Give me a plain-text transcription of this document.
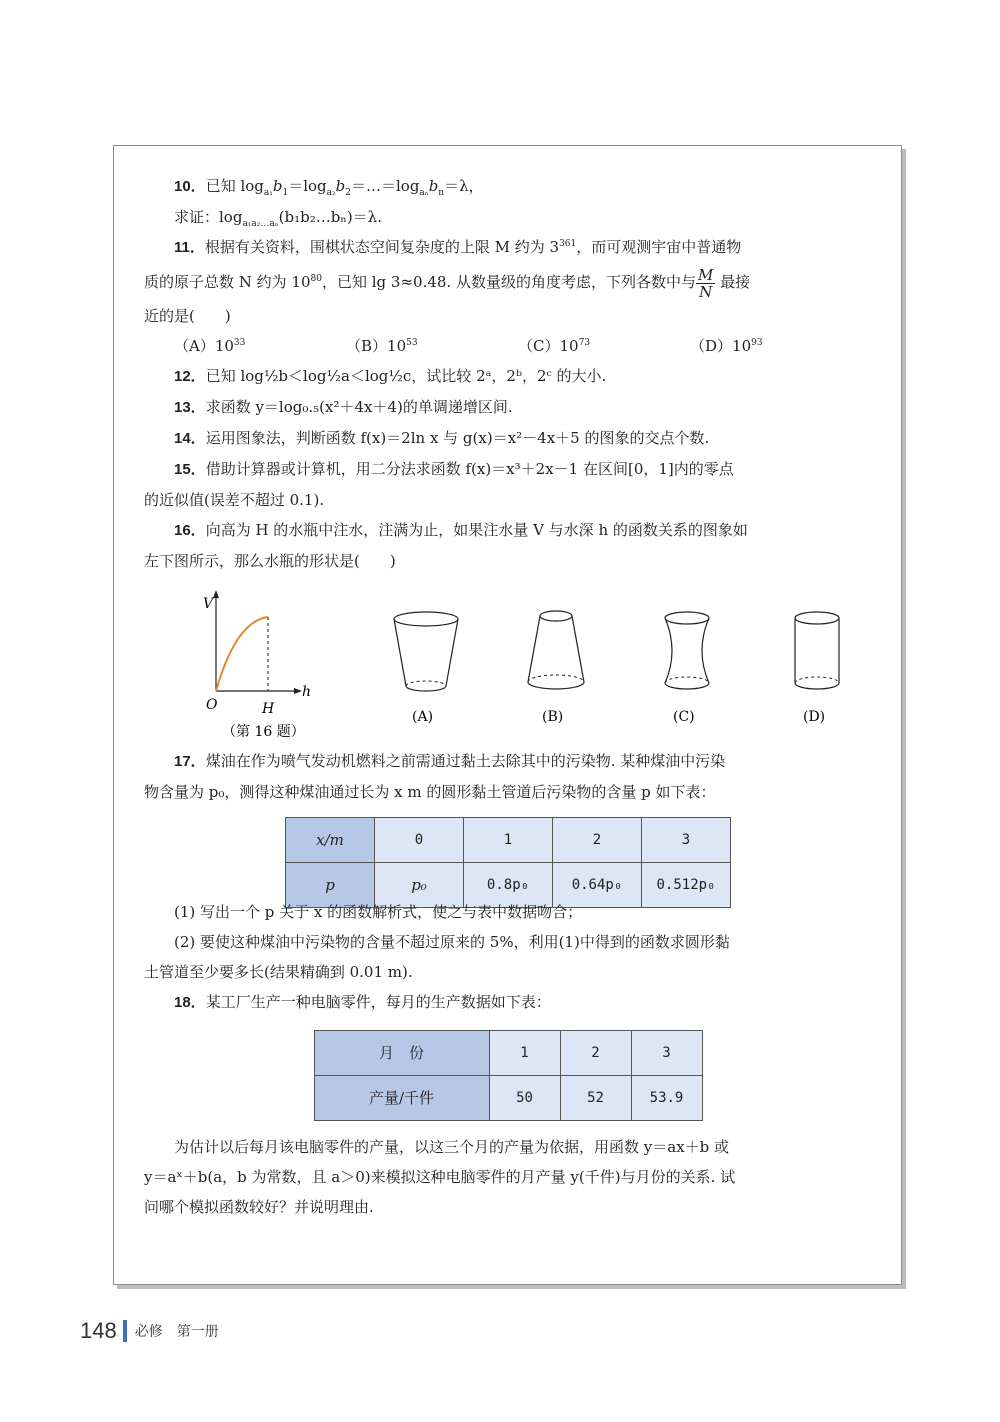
10．已知 $\log_{a_1}b_1=\log_{a_2}b_2=\dots=\log_{a_n}b_n=\lambda$，

求证：$\log_{a_1a_2\dots a_n}(b_1b_2\dots b_n)=\lambda$.

11．根据有关资料，围棋状态空间复杂度的上限 M 约为 $3^{361}$，而可观测宇宙中普通物

质的原子总数 N 约为 $10^{80}$，已知 lg 3≈0.48. 从数量级的角度考虑，下列各数中与 $\frac{M}{N}$ 最接

近的是(　　)

$(A)10^{33}$	$(B)10^{53}$	$(C)10^{73}$	$(D)10^{93}$

12．已知 log½b＜log½a＜log½c，试比较 2ᵃ，2ᵇ，2ᶜ 的大小.

13．求函数 y＝log₀.₅(x²＋4x＋4)的单调递增区间.

14．运用图象法，判断函数 f(x)＝2ln x 与 g(x)＝x²－4x＋5 的图象的交点个数.

15．借助计算器或计算机，用二分法求函数 f(x)＝x³＋2x－1 在区间[0，1]内的零点

的近似值(误差不超过 0.1).

16．向高为 H 的水瓶中注水，注满为止，如果注水量 V 与水深 h 的函数关系的图象如

左下图所示，那么水瓶的形状是(　　)

V
h
O	H
（第 16 题）
(A)	(B)	(C)	(D)

17．煤油在作为喷气发动机燃料之前需通过黏土去除其中的污染物. 某种煤油中污染

物含量为 p₀，测得这种煤油通过长为 x m 的圆形黏土管道后污染物的含量 p 如下表：

x/m	0	1	2	3
p	p₀	0.8p₀	0.64p₀	0.512p₀

(1) 写出一个 p 关于 x 的函数解析式，使之与表中数据吻合；

(2) 要使这种煤油中污染物的含量不超过原来的 5%，利用(1)中得到的函数求圆形黏

土管道至少要多长(结果精确到 0.01 m).

18．某工厂生产一种电脑零件，每月的生产数据如下表：

月　份	1	2	3
产量/千件	50	52	53.9

为估计以后每月该电脑零件的产量，以这三个月的产量为依据，用函数 y＝ax＋b 或

y＝aˣ＋b(a，b 为常数，且 a＞0)来模拟这种电脑零件的月产量 y(千件)与月份的关系. 试

问哪个模拟函数较好？并说明理由.

148 必修　第一册
